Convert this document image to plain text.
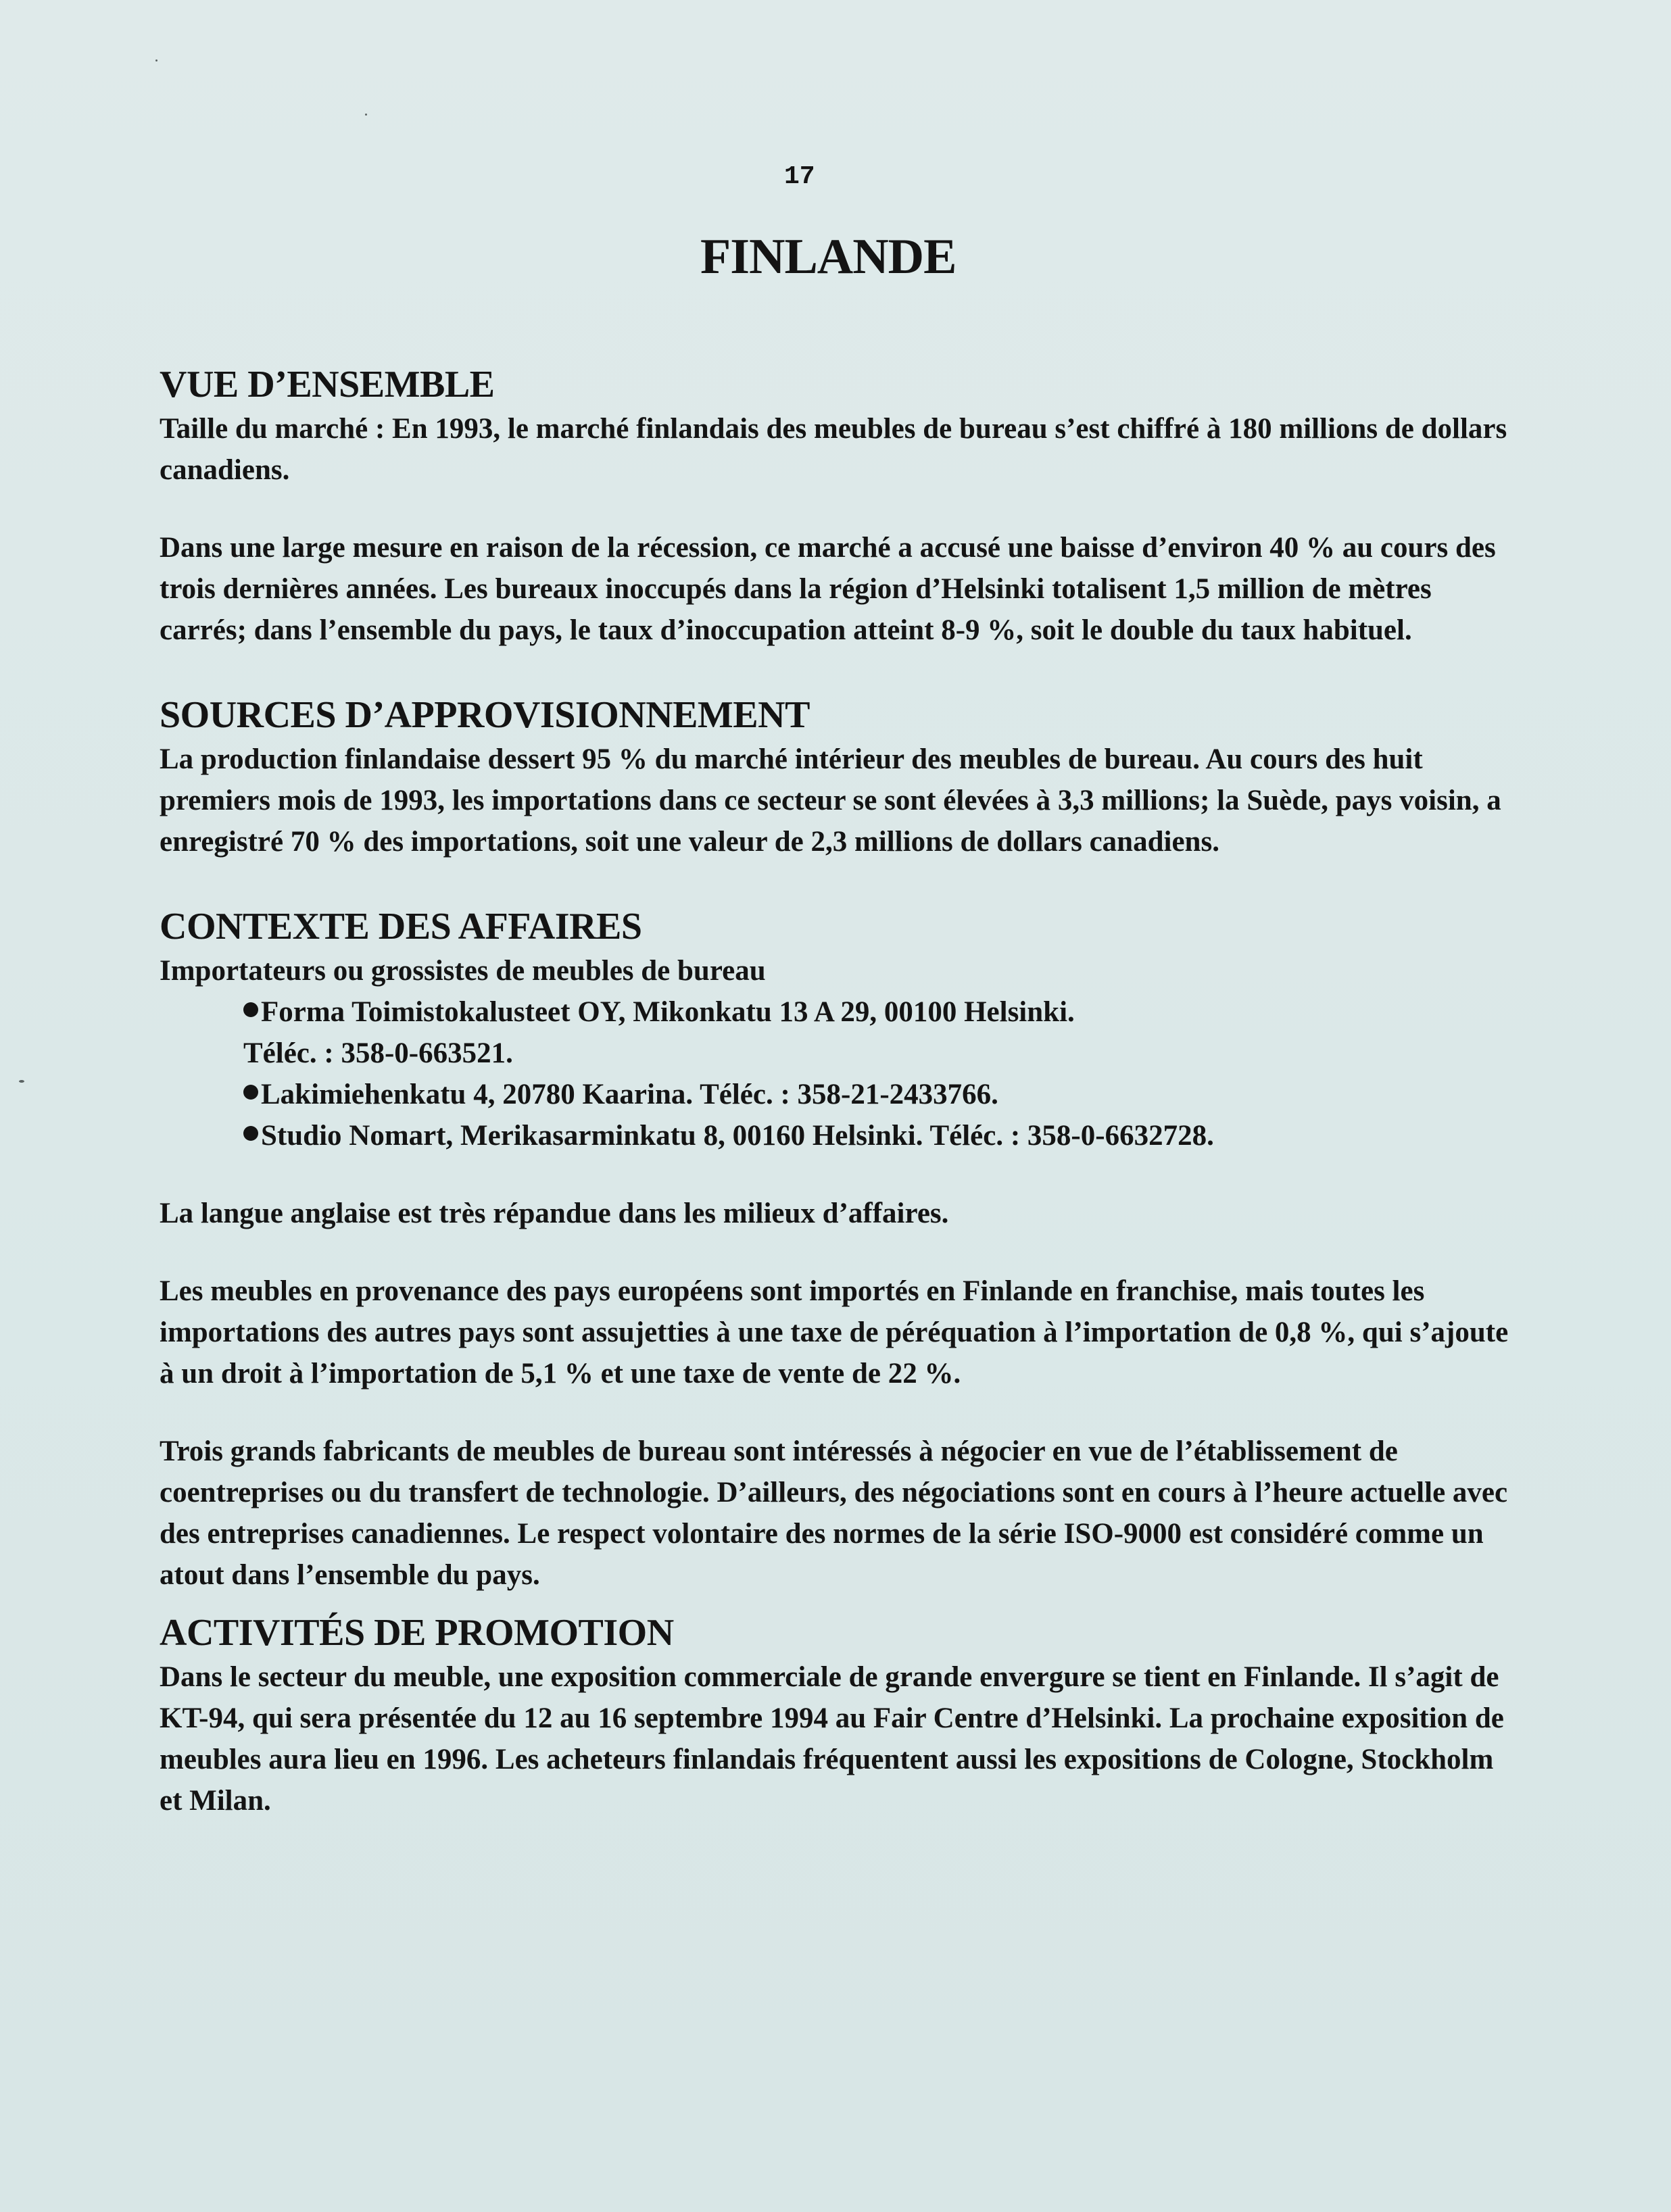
17
FINLANDE
VUE D’ENSEMBLE

Taille du marché : En 1993, le marché finlandais des meubles de bureau s’est chiffré à 180 millions de dollars canadiens.

Dans une large mesure en raison de la récession, ce marché a accusé une baisse d’environ 40 % au cours des trois dernières années. Les bureaux inoccupés dans la région d’Helsinki totalisent 1,5 million de mètres carrés; dans l’ensemble du pays, le taux d’inoccupation atteint 8-9 %, soit le double du taux habituel.

SOURCES D’APPROVISIONNEMENT

La production finlandaise dessert 95 % du marché intérieur des meubles de bureau. Au cours des huit premiers mois de 1993, les importations dans ce secteur se sont élevées à 3,3 millions; la Suède, pays voisin, a enregistré 70 % des importations, soit une valeur de 2,3 millions de dollars canadiens.

CONTEXTE DES AFFAIRES

Importateurs ou grossistes de meubles de bureau

Forma Toimistokalusteet OY, Mikonkatu 13 A 29, 00100 Helsinki.
Téléc. : 358-0-663521.
Lakimiehenkatu 4, 20780 Kaarina. Téléc. : 358-21-2433766.
Studio Nomart, Merikasarminkatu 8, 00160 Helsinki. Téléc. : 358-0-6632728.

La langue anglaise est très répandue dans les milieux d’affaires.

Les meubles en provenance des pays européens sont importés en Finlande en franchise, mais toutes les importations des autres pays sont assujetties à une taxe de péréquation à l’importation de 0,8 %, qui s’ajoute à un droit à l’importation de 5,1 % et une taxe de vente de 22 %.

Trois grands fabricants de meubles de bureau sont intéressés à négocier en vue de l’établissement de coentreprises ou du transfert de technologie. D’ailleurs, des négociations sont en cours à l’heure actuelle avec des entreprises canadiennes. Le respect volontaire des normes de la série ISO-9000 est considéré comme un atout dans l’ensemble du pays.

ACTIVITÉS DE PROMOTION

Dans le secteur du meuble, une exposition commerciale de grande envergure se tient en Finlande. Il s’agit de KT-94, qui sera présentée du 12 au 16 septembre 1994 au Fair Centre d’Helsinki. La prochaine exposition de meubles aura lieu en 1996. Les acheteurs finlandais fréquentent aussi les expositions de Cologne, Stockholm et Milan.
